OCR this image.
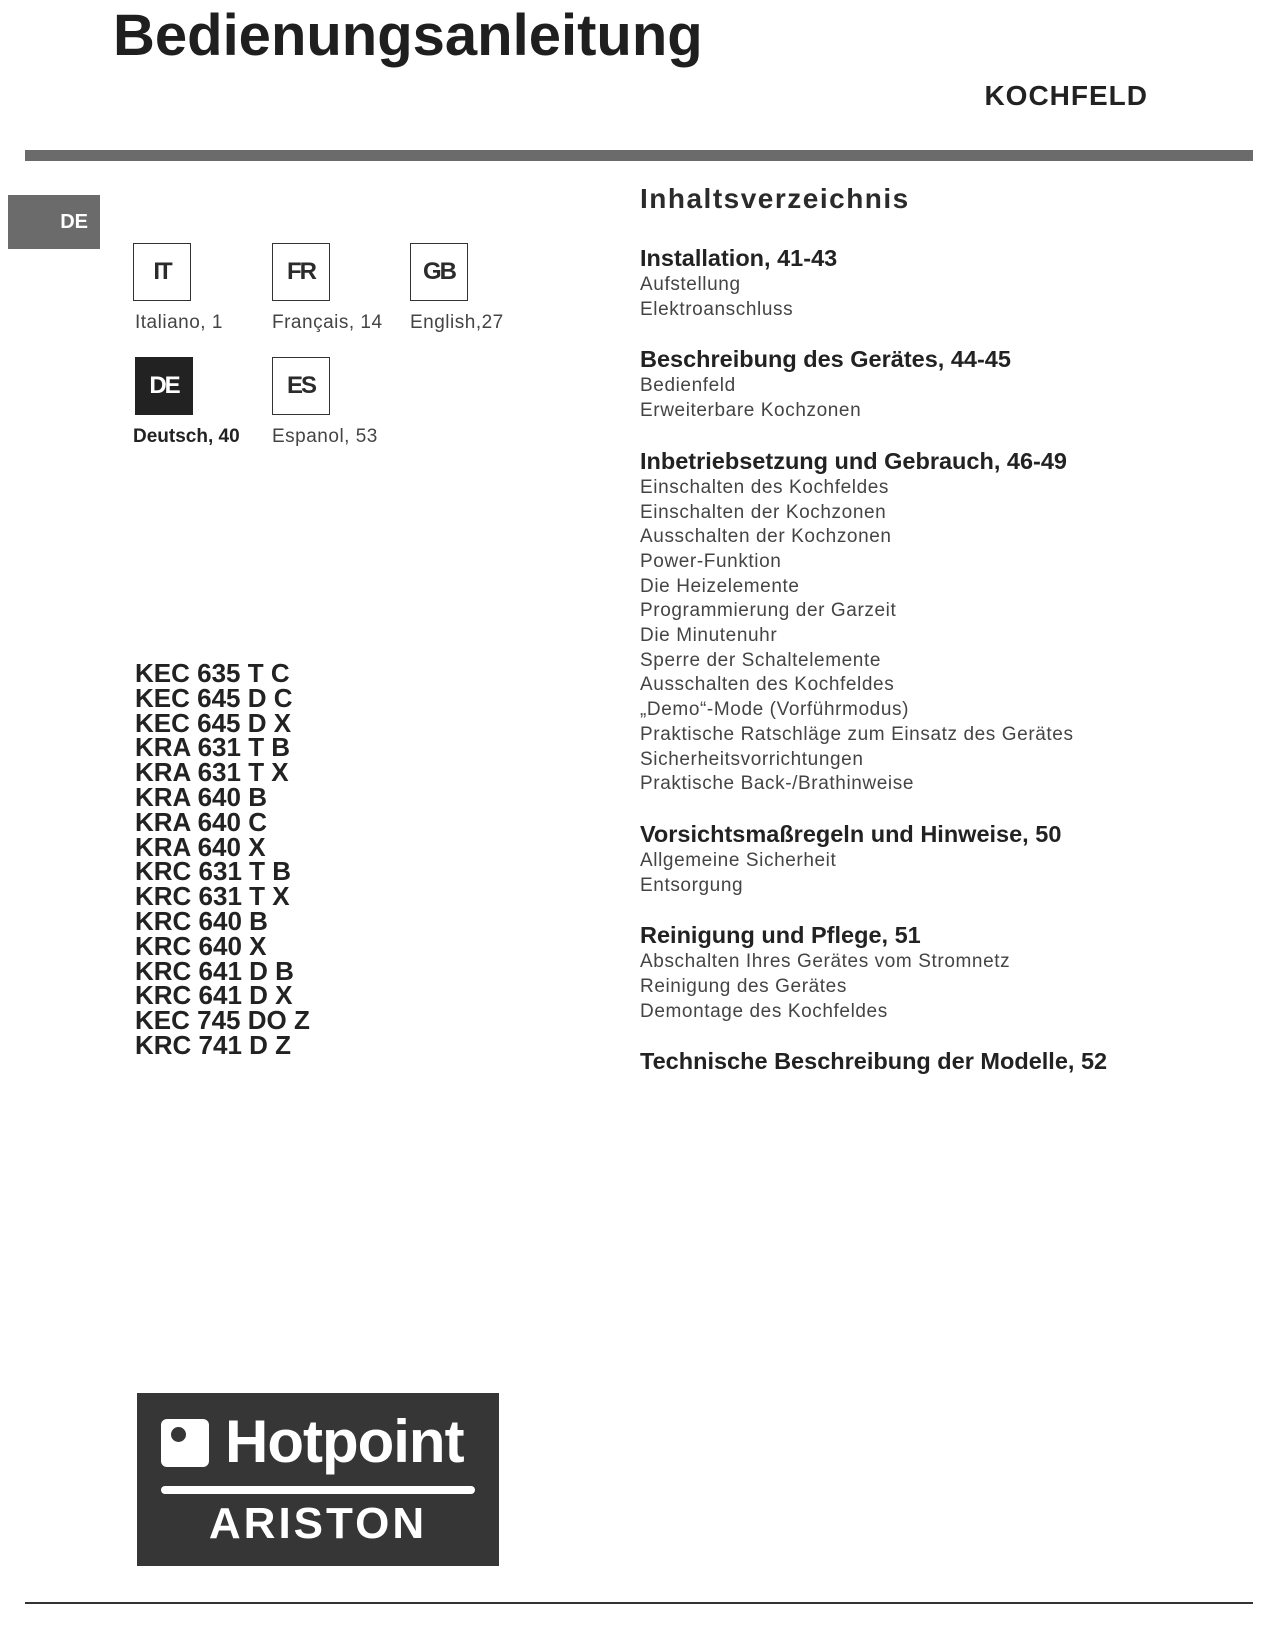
Bedienungsanleitung
KOCHFELD
DE
IT
Italiano, 1
FR
Français, 14
GB
English,27
DE
Deutsch, 40
ES
Espanol, 53
KEC 635 T C
KEC 645 D C
KEC 645 D X
KRA 631 T B
KRA 631 T X
KRA 640 B
KRA 640 C
KRA 640 X
KRC 631 T B
KRC 631 T X
KRC 640 B
KRC 640 X
KRC 641 D B
KRC 641 D X
KEC 745 DO Z
KRC 741 D Z
Inhaltsverzeichnis
Installation, 41-43
Aufstellung
Elektroanschluss
Beschreibung des Gerätes, 44-45
Bedienfeld
Erweiterbare Kochzonen
Inbetriebsetzung und Gebrauch, 46-49
Einschalten des Kochfeldes
Einschalten der Kochzonen
Ausschalten der Kochzonen
Power-Funktion
Die Heizelemente
Programmierung der Garzeit
Die Minutenuhr
Sperre der Schaltelemente
Ausschalten des Kochfeldes
„Demo“-Mode (Vorführmodus)
Praktische Ratschläge zum Einsatz des Gerätes
Sicherheitsvorrichtungen
Praktische Back-/Brathinweise
Vorsichtsmaßregeln und Hinweise, 50
Allgemeine Sicherheit
Entsorgung
Reinigung und Pflege, 51
Abschalten Ihres Gerätes vom Stromnetz
Reinigung des Gerätes
Demontage des Kochfeldes
Technische Beschreibung der Modelle, 52
Hotpoint
ARISTON
